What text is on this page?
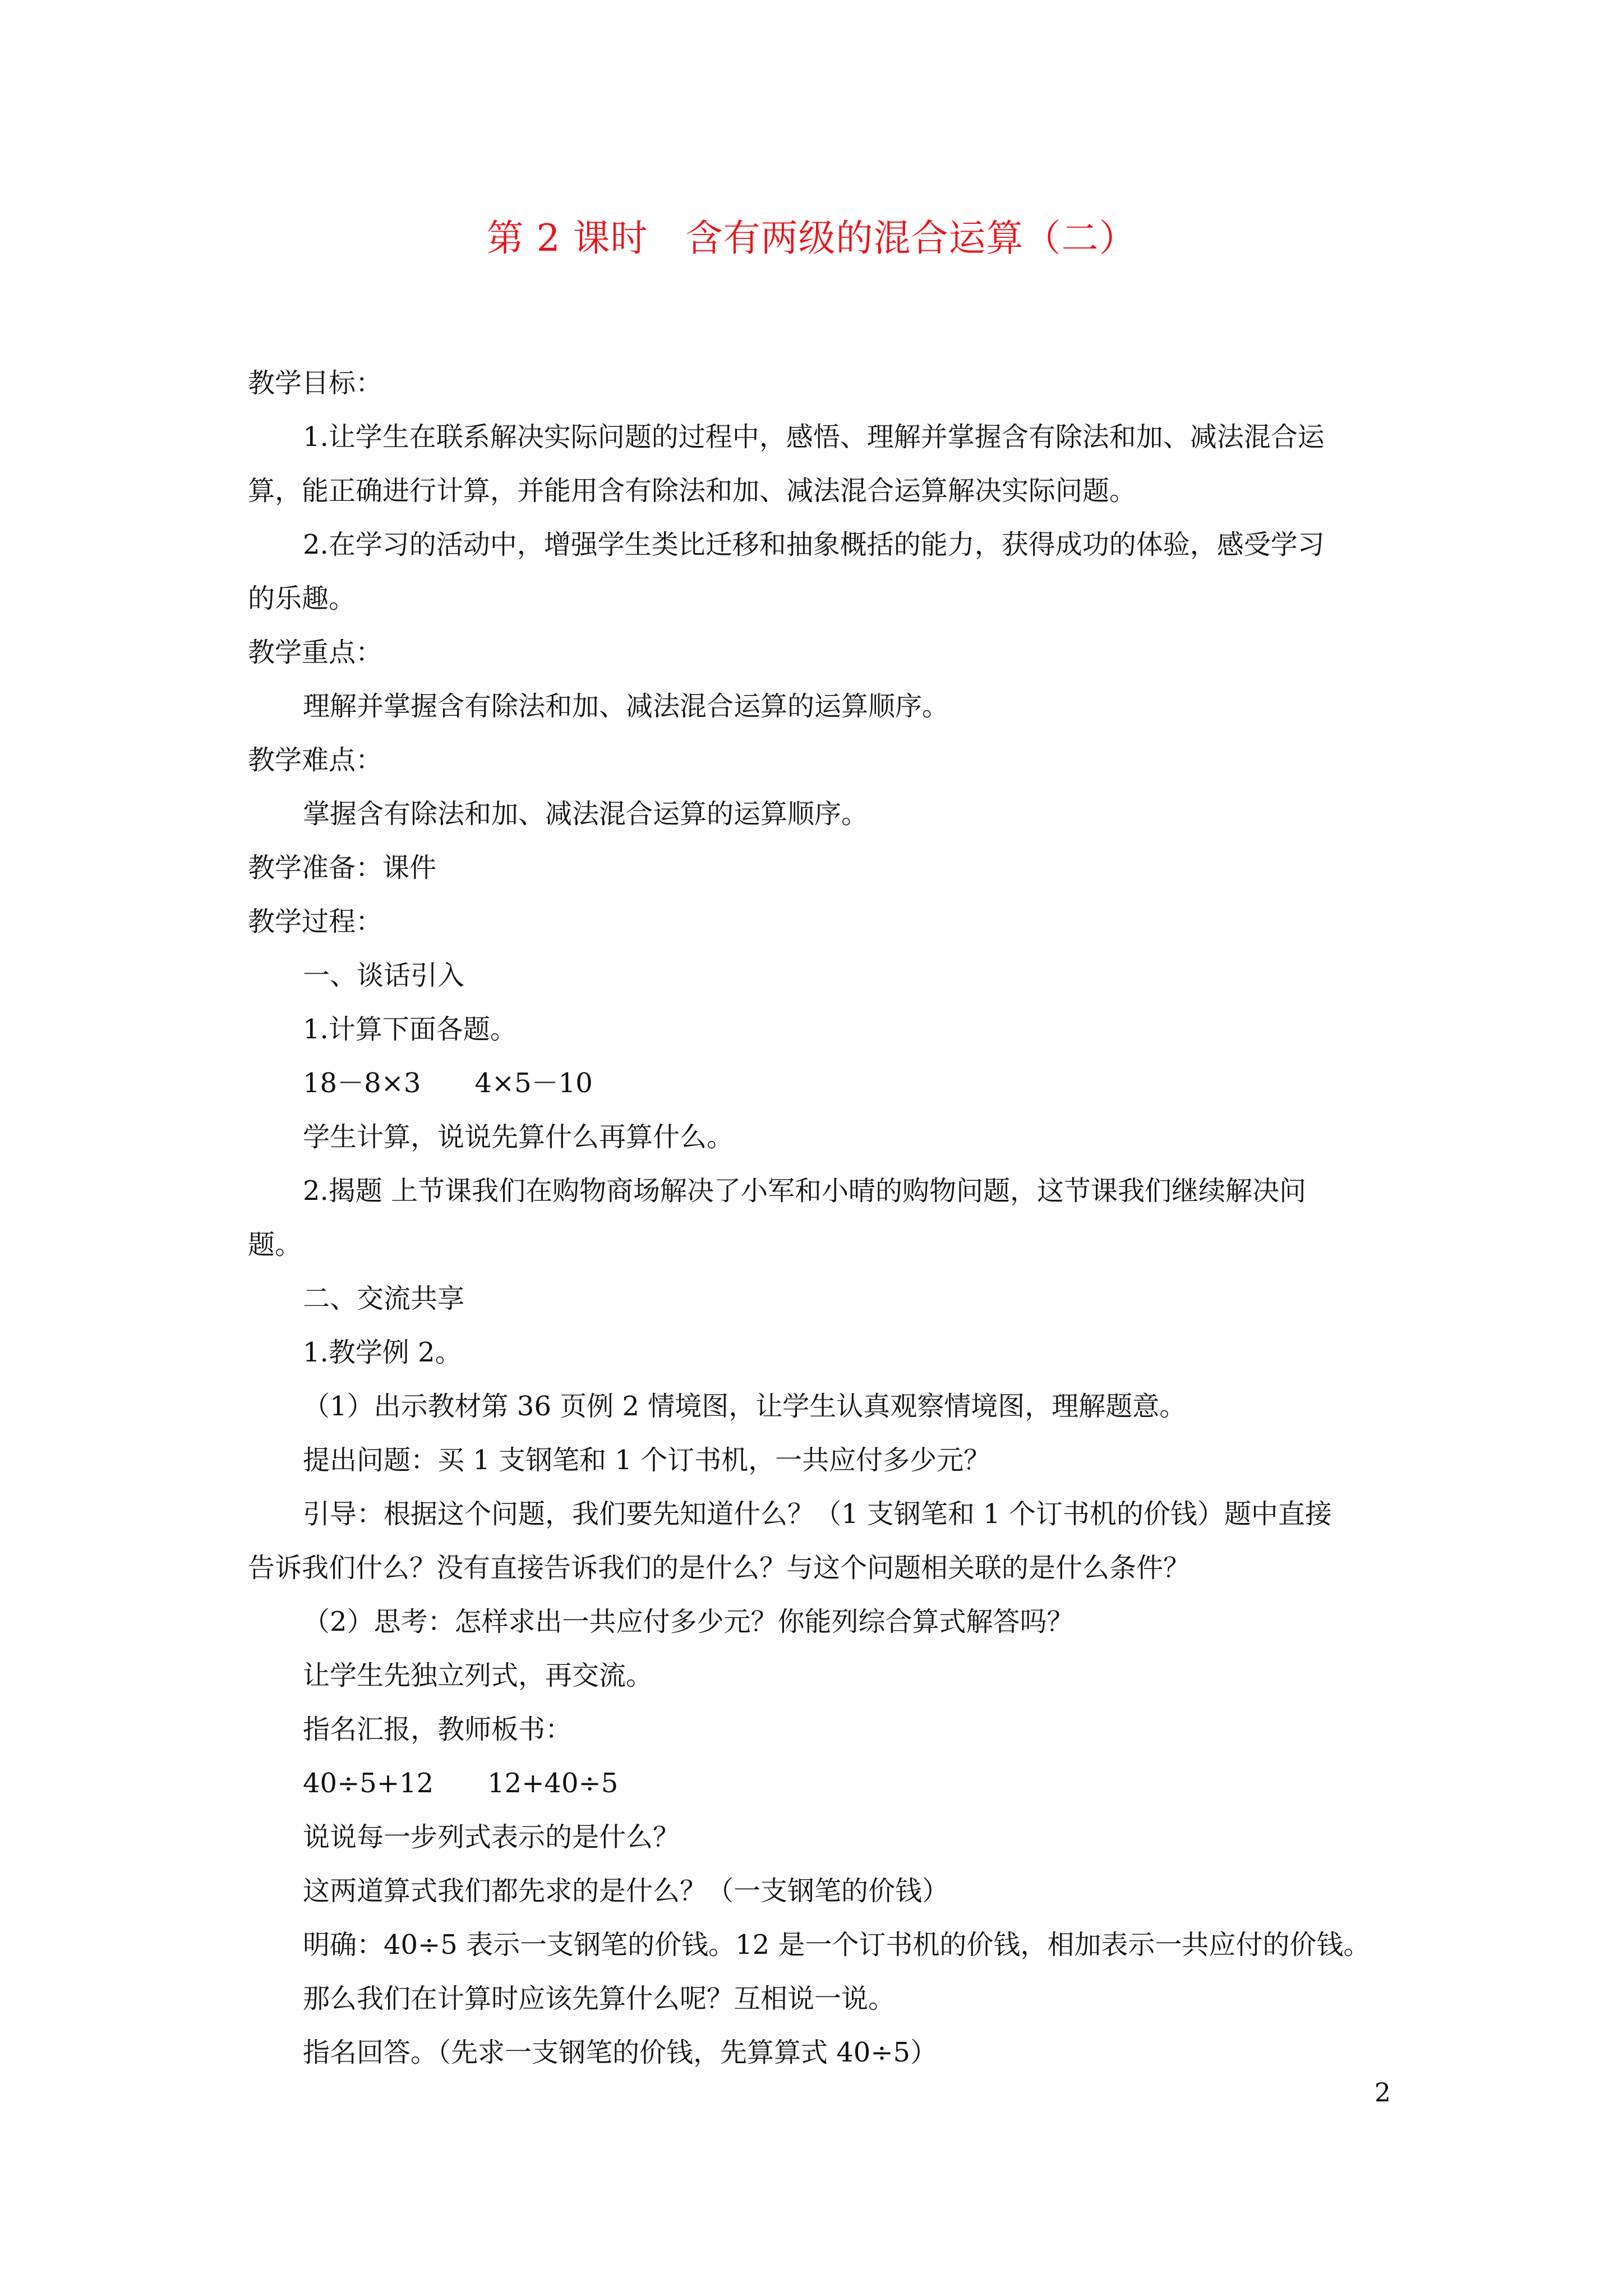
第 2 课时　含有两级的混合运算（二）
教学目标：
1.让学生在联系解决实际问题的过程中，感悟、理解并掌握含有除法和加、减法混合运
算，能正确进行计算，并能用含有除法和加、减法混合运算解决实际问题。
2.在学习的活动中，增强学生类比迁移和抽象概括的能力，获得成功的体验，感受学习
的乐趣。
教学重点：
理解并掌握含有除法和加、减法混合运算的运算顺序。
教学难点：
掌握含有除法和加、减法混合运算的运算顺序。
教学准备：课件
教学过程：
一、谈话引入
1.计算下面各题。
18－8×3　　4×5－10
学生计算，说说先算什么再算什么。
2.揭题 上节课我们在购物商场解决了小军和小晴的购物问题，这节课我们继续解决问
题。
二、交流共享
1.教学例 2。
（1）出示教材第 36 页例 2 情境图，让学生认真观察情境图，理解题意。
提出问题：买 1 支钢笔和 1 个订书机，一共应付多少元？
引导：根据这个问题，我们要先知道什么？（1 支钢笔和 1 个订书机的价钱）题中直接
告诉我们什么？没有直接告诉我们的是什么？与这个问题相关联的是什么条件？
（2）思考：怎样求出一共应付多少元？你能列综合算式解答吗？
让学生先独立列式，再交流。
指名汇报，教师板书：
40÷5+12　　12+40÷5
说说每一步列式表示的是什么？
这两道算式我们都先求的是什么？（一支钢笔的价钱）
明确：40÷5 表示一支钢笔的价钱。12 是一个订书机的价钱，相加表示一共应付的价钱。
那么我们在计算时应该先算什么呢？互相说一说。
指名回答。（先求一支钢笔的价钱，先算算式 40÷5）
2
